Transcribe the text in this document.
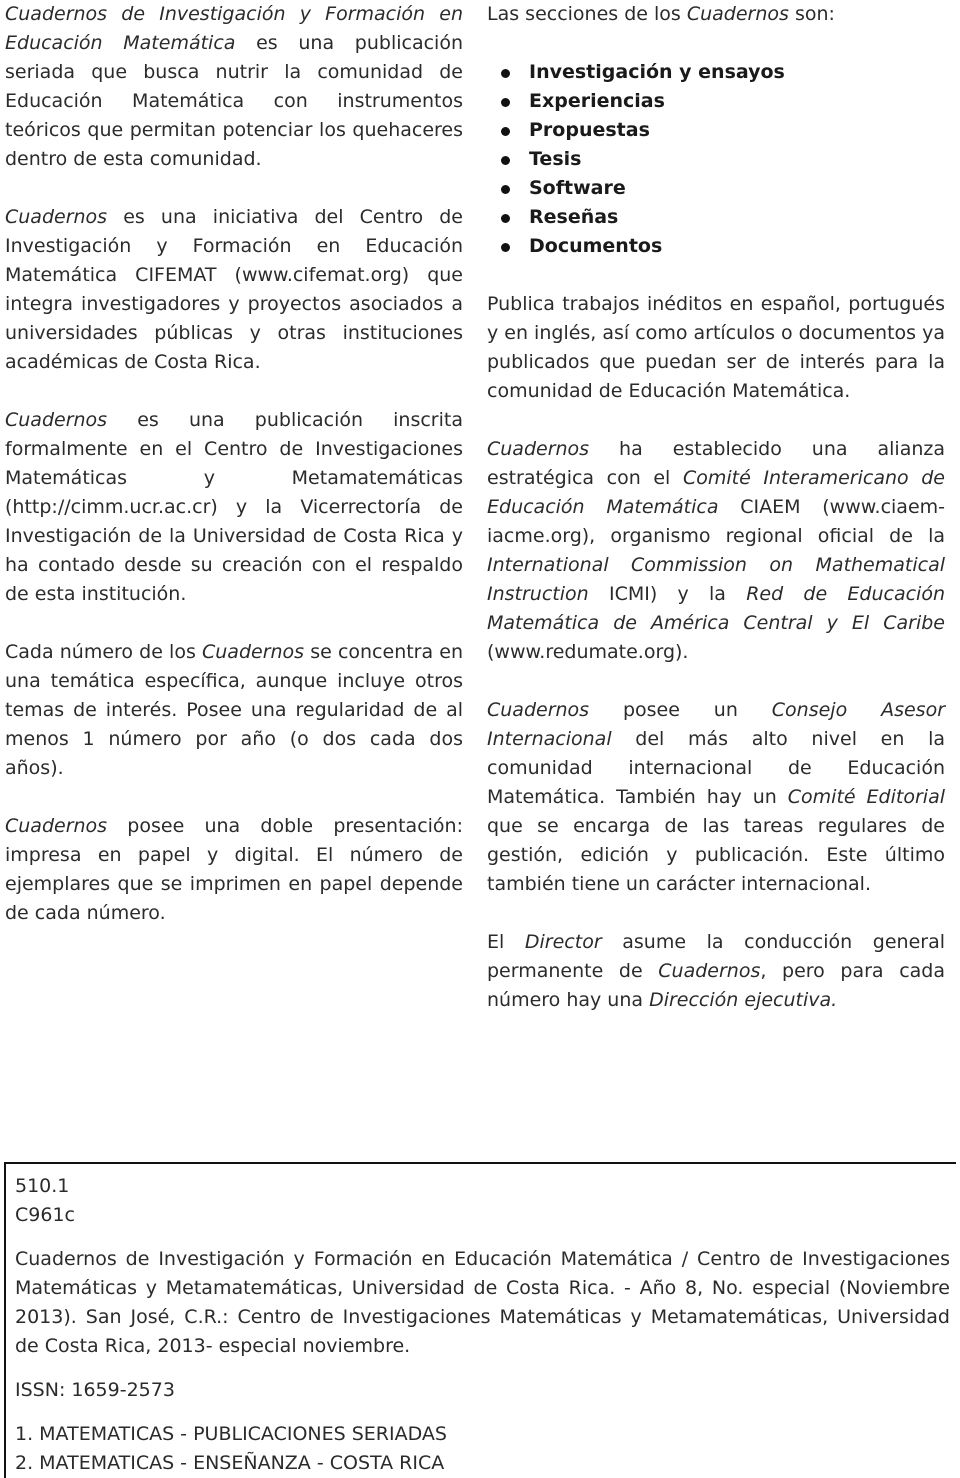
Cuadernos de Investigación y Formación en Educación Matemática es una publicación seriada que busca nutrir la comunidad de Educación Matemática con instrumentos teóricos que permitan potenciar los quehaceres dentro de esta comunidad.

Cuadernos es una iniciativa del Centro de Investigación y Formación en Educación Matemática CIFEMAT (www.cifemat.org) que integra investigadores y proyectos asociados a universidades públicas y otras instituciones académicas de Costa Rica.

Cuadernos es una publicación inscrita formalmente en el Centro de Investigaciones Matemáticas y Metamatemáticas (http://cimm.ucr.ac.cr) y la Vicerrectoría de Investigación de la Universidad de Costa Rica y ha contado desde su creación con el respaldo de esta institución.

Cada número de los Cuadernos se concentra en una temática específica, aunque incluye otros temas de interés. Posee una regularidad de al menos 1 número por año (o dos cada dos años).

Cuadernos posee una doble presentación: impresa en papel y digital. El número de ejemplares que se imprimen en papel depende de cada número.

Las secciones de los Cuadernos son:

Investigación y ensayos
Experiencias
Propuestas
Tesis
Software
Reseñas
Documentos

Publica trabajos inéditos en español, portugués y en inglés, así como artículos o documentos ya publicados que puedan ser de interés para la comunidad de Educación Matemática.

Cuadernos ha establecido una alianza estratégica con el Comité Interamericano de Educación Matemática CIAEM (www.ciaem-iacme.org), organismo regional oficial de la International Commission on Mathematical Instruction ICMI) y la Red de Educación Matemática de América Central y El Caribe (www.redumate.org).

Cuadernos posee un Consejo Asesor Internacional del más alto nivel en la comunidad internacional de Educación Matemática. También hay un Comité Editorial que se encarga de las tareas regulares de gestión, edición y publicación. Este último también tiene un carácter internacional.

El Director asume la conducción general permanente de Cuadernos, pero para cada número hay una Dirección ejecutiva.

510.1

C961c

Cuadernos de Investigación y Formación en Educación Matemática / Centro de Investigaciones Matemáticas y Metamatemáticas, Universidad de Costa Rica. - Año 8, No. especial (Noviembre 2013). San José, C.R.: Centro de Investigaciones Matemáticas y Metamatemáticas, Universidad de Costa Rica, 2013- especial noviembre.

ISSN: 1659-2573

1. MATEMATICAS - PUBLICACIONES SERIADAS

2. MATEMATICAS - ENSEÑANZA - COSTA RICA
